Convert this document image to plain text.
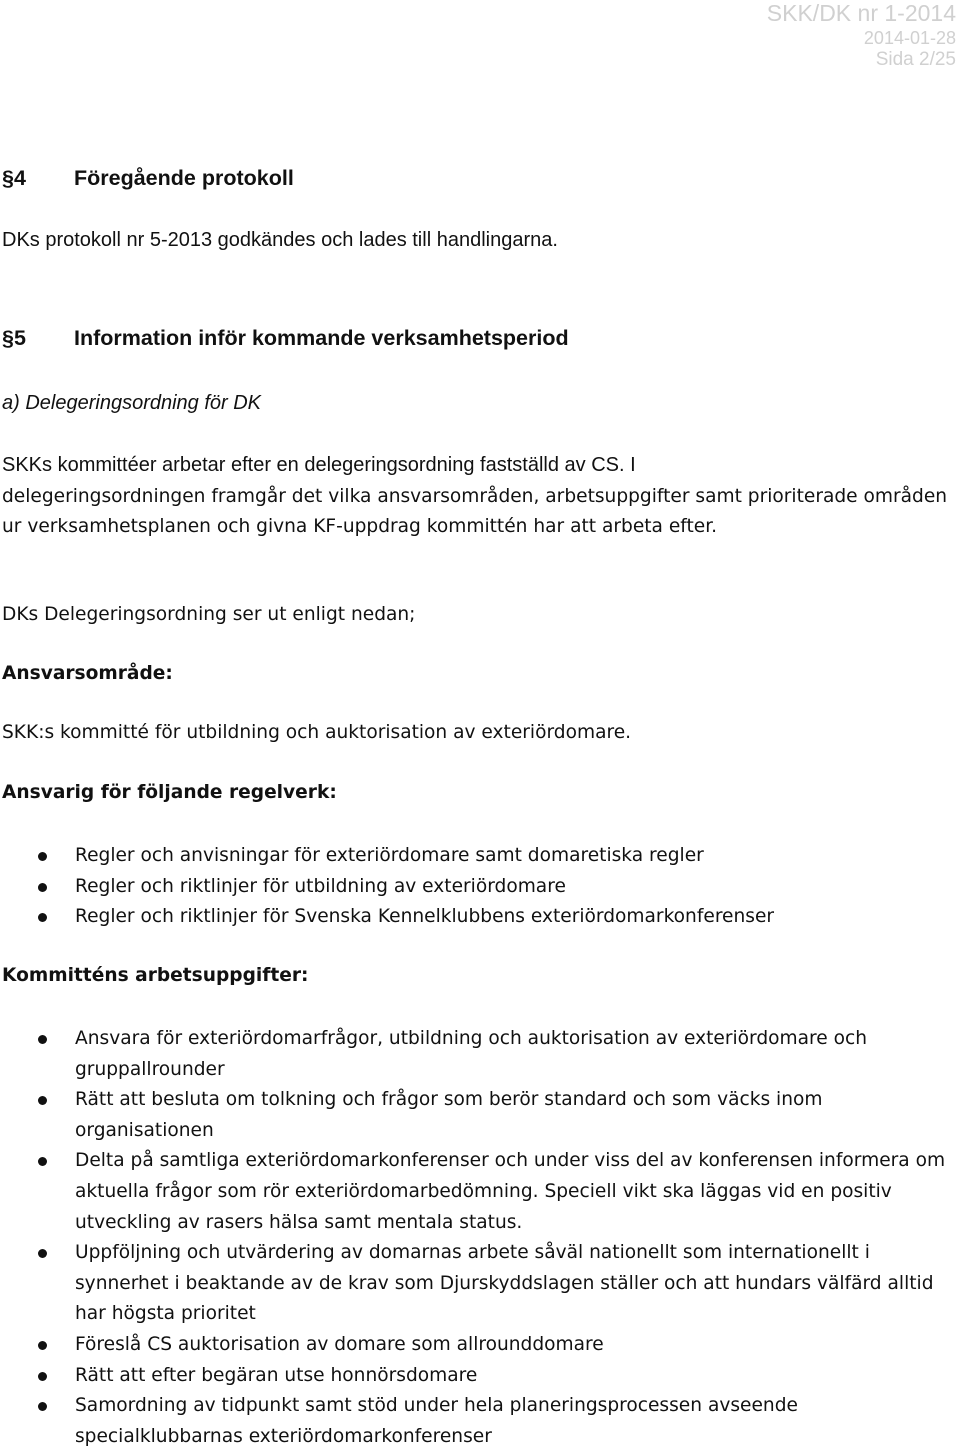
SKK/DK nr 1-2014
2014-01-28
Sida 2/25
§4 Föregående protokoll
DKs protokoll nr 5-2013 godkändes och lades till handlingarna.
§5 Information inför kommande verksamhetsperiod
a) Delegeringsordning för DK
SKKs kommittéer arbetar efter en delegeringsordning fastställd av CS. I
delegeringsordningen framgår det vilka ansvarsområden, arbetsuppgifter samt prioriterade områden ur verksamhetsplanen och givna KF-uppdrag kommittén har att arbeta efter.
DKs Delegeringsordning ser ut enligt nedan;
Ansvarsområde:
SKK:s kommitté för utbildning och auktorisation av exteriördomare.
Ansvarig för följande regelverk:
Regler och anvisningar för exteriördomare samt domaretiska regler
Regler och riktlinjer för utbildning av exteriördomare
Regler och riktlinjer för Svenska Kennelklubbens exteriördomarkonferenser
Kommitténs arbetsuppgifter:
Ansvara för exteriördomarfrågor, utbildning och auktorisation av exteriördomare och gruppallrounder
Rätt att besluta om tolkning och frågor som berör standard och som väcks inom organisationen
Delta på samtliga exteriördomarkonferenser och under viss del av konferensen informera om aktuella frågor som rör exteriördomarbedömning. Speciell vikt ska läggas vid en positiv utveckling av rasers hälsa samt mentala status.
Uppföljning och utvärdering av domarnas arbete såväl nationellt som internationellt i synnerhet i beaktande av de krav som Djurskyddslagen ställer och att hundars välfärd alltid har högsta prioritet
Föreslå CS auktorisation av domare som allrounddomare
Rätt att efter begäran utse honnörsdomare
Samordning av tidpunkt samt stöd under hela planeringsprocessen avseende specialklubbarnas exteriördomarkonferenser
